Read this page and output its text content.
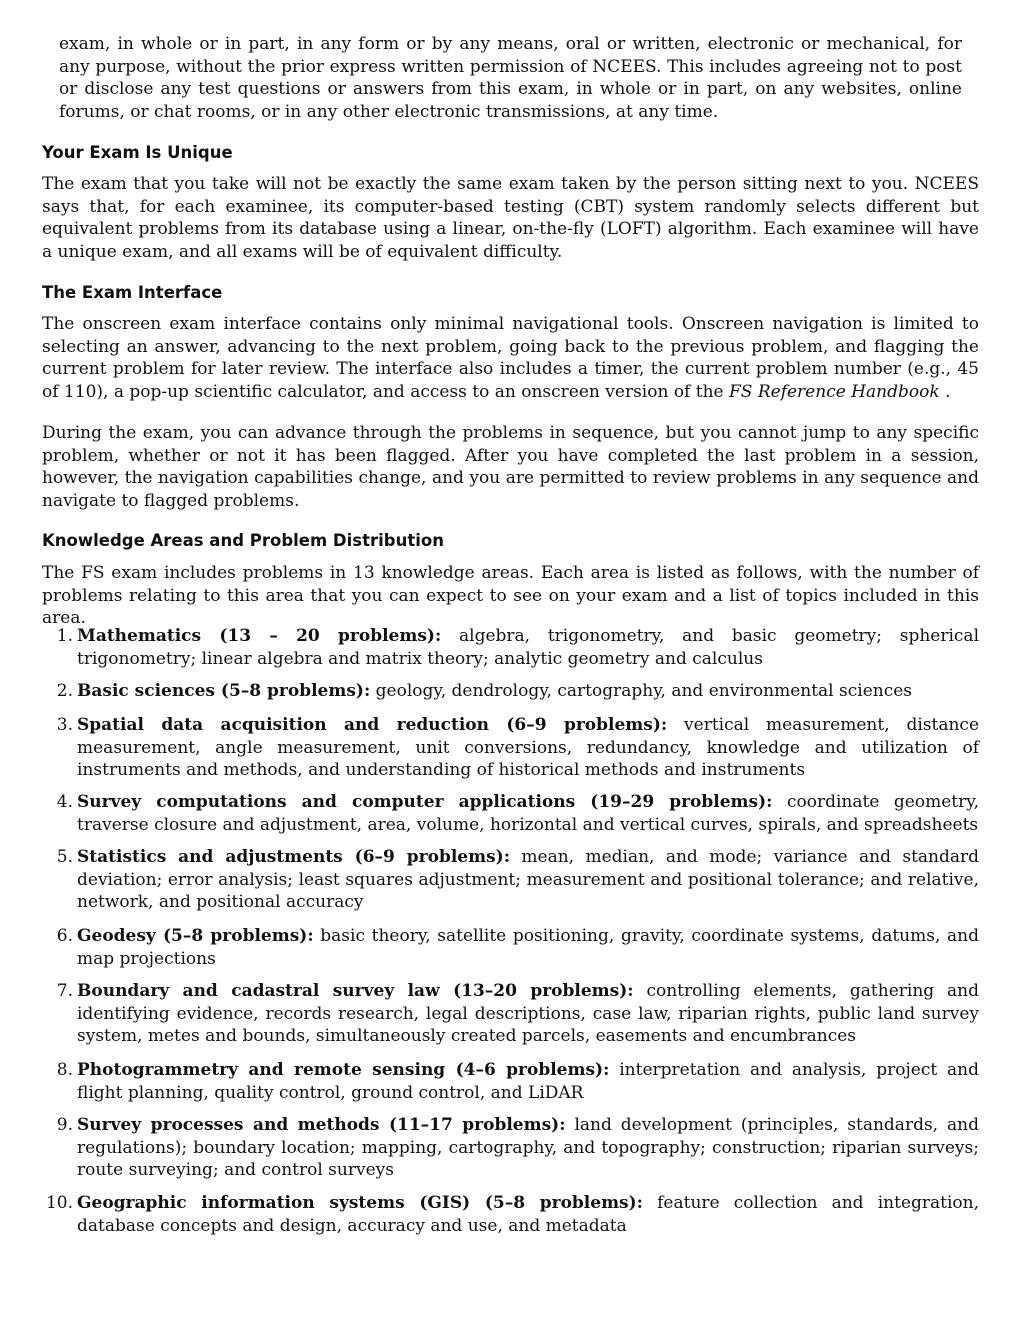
exam, in whole or in part, in any form or by any means, oral or written, electronic or mechanical, for any purpose, without the prior express written permission of NCEES. This includes agreeing not to post or disclose any test questions or answers from this exam, in whole or in part, on any websites, online forums, or chat rooms, or in any other electronic transmissions, at any time.

Your Exam Is Unique

The exam that you take will not be exactly the same exam taken by the person sitting next to you. NCEES says that, for each examinee, its computer-based testing (CBT) system randomly selects different but equivalent problems from its database using a linear, on-the-fly (LOFT) algorithm. Each examinee will have a unique exam, and all exams will be of equivalent difficulty.

The Exam Interface

The onscreen exam interface contains only minimal navigational tools. Onscreen navigation is limited to selecting an answer, advancing to the next problem, going back to the previous problem, and flagging the current problem for later review. The interface also includes a timer, the current problem number (e.g., 45 of 110), a pop-up scientific calculator, and access to an onscreen version of the FS Reference Handbook .

During the exam, you can advance through the problems in sequence, but you cannot jump to any specific problem, whether or not it has been flagged. After you have completed the last problem in a session, however, the navigation capabilities change, and you are permitted to review problems in any sequence and navigate to flagged problems.

Knowledge Areas and Problem Distribution

The FS exam includes problems in 13 knowledge areas. Each area is listed as follows, with the number of problems relating to this area that you can expect to see on your exam and a list of topics included in this area.

1. Mathematics (13 – 20 problems): algebra, trigonometry, and basic geometry; spherical trigonometry; linear algebra and matrix theory; analytic geometry and calculus
2. Basic sciences (5–8 problems): geology, dendrology, cartography, and environmental sciences
3. Spatial data acquisition and reduction (6–9 problems): vertical measurement, distance measurement, angle measurement, unit conversions, redundancy, knowledge and utilization of instruments and methods, and understanding of historical methods and instruments
4. Survey computations and computer applications (19–29 problems): coordinate geometry, traverse closure and adjustment, area, volume, horizontal and vertical curves, spirals, and spreadsheets
5. Statistics and adjustments (6–9 problems): mean, median, and mode; variance and standard deviation; error analysis; least squares adjustment; measurement and positional tolerance; and relative, network, and positional accuracy
6. Geodesy (5–8 problems): basic theory, satellite positioning, gravity, coordinate systems, datums, and map projections
7. Boundary and cadastral survey law (13–20 problems): controlling elements, gathering and identifying evidence, records research, legal descriptions, case law, riparian rights, public land survey system, metes and bounds, simultaneously created parcels, easements and encumbrances
8. Photogrammetry and remote sensing (4–6 problems): interpretation and analysis, project and flight planning, quality control, ground control, and LiDAR
9. Survey processes and methods (11–17 problems): land development (principles, standards, and regulations); boundary location; mapping, cartography, and topography; construction; riparian surveys; route surveying; and control surveys
10. Geographic information systems (GIS) (5–8 problems): feature collection and integration, database concepts and design, accuracy and use, and metadata
